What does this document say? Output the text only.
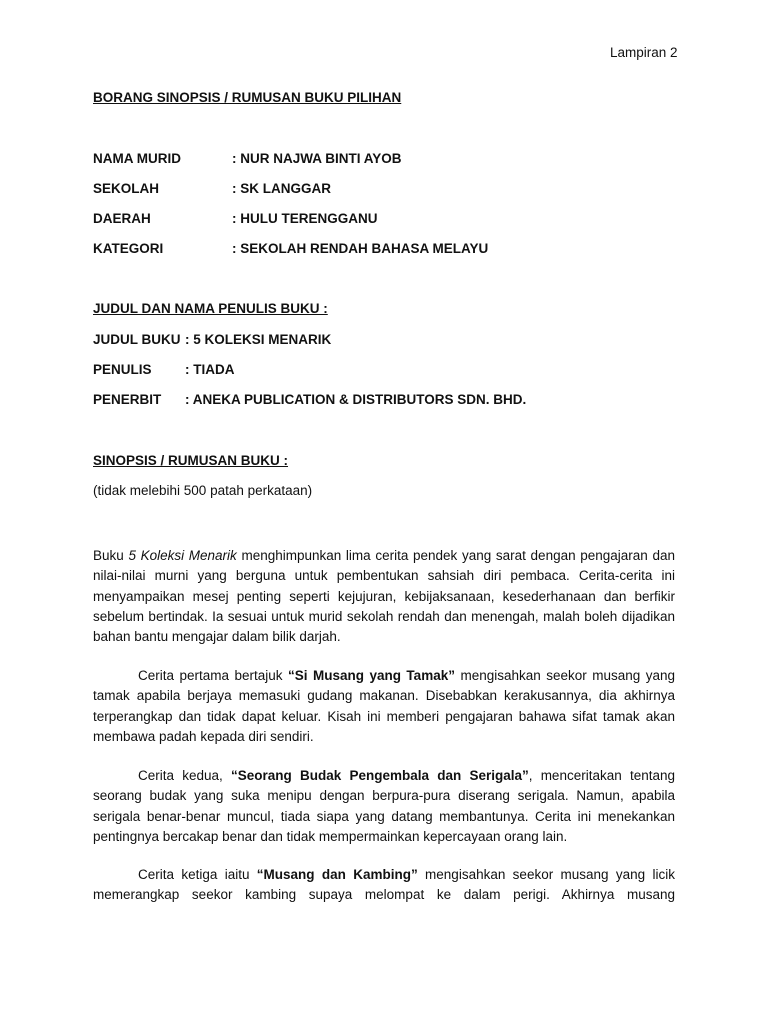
Lampiran 2
BORANG SINOPSIS / RUMUSAN BUKU PILIHAN
NAMA MURID	: NUR NAJWA BINTI AYOB
SEKOLAH	: SK LANGGAR
DAERAH	: HULU TERENGGANU
KATEGORI	: SEKOLAH RENDAH BAHASA MELAYU
JUDUL DAN NAMA PENULIS BUKU :
JUDUL BUKU : 5 KOLEKSI MENARIK
PENULIS : TIADA
PENERBIT : ANEKA PUBLICATION & DISTRIBUTORS SDN. BHD.
SINOPSIS / RUMUSAN BUKU :
(tidak melebihi 500 patah perkataan)

Buku 5 Koleksi Menarik menghimpunkan lima cerita pendek yang sarat dengan pengajaran dan nilai-nilai murni yang berguna untuk pembentukan sahsiah diri pembaca. Cerita-cerita ini menyampaikan mesej penting seperti kejujuran, kebijaksanaan, kesederhanaan dan berfikir sebelum bertindak. Ia sesuai untuk murid sekolah rendah dan menengah, malah boleh dijadikan bahan bantu mengajar dalam bilik darjah.

Cerita pertama bertajuk “Si Musang yang Tamak” mengisahkan seekor musang yang tamak apabila berjaya memasuki gudang makanan. Disebabkan kerakusannya, dia akhirnya terperangkap dan tidak dapat keluar. Kisah ini memberi pengajaran bahawa sifat tamak akan membawa padah kepada diri sendiri.

Cerita kedua, “Seorang Budak Pengembala dan Serigala”, menceritakan tentang seorang budak yang suka menipu dengan berpura-pura diserang serigala. Namun, apabila serigala benar-benar muncul, tiada siapa yang datang membantunya. Cerita ini menekankan pentingnya bercakap benar dan tidak mempermainkan kepercayaan orang lain.

Cerita ketiga iaitu “Musang dan Kambing” mengisahkan seekor musang yang licik memerangkap seekor kambing supaya melompat ke dalam perigi. Akhirnya musang
